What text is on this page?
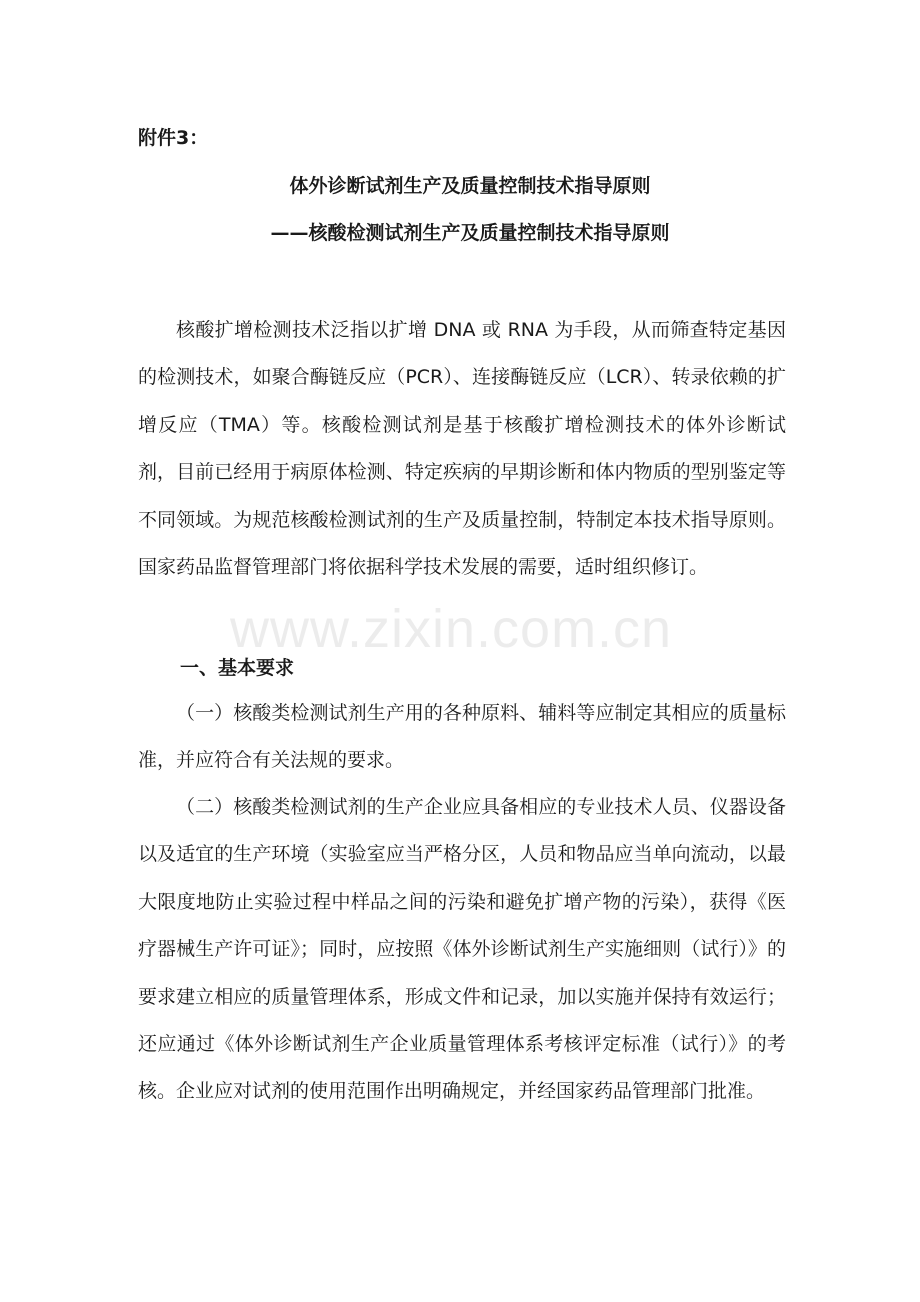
附件3：
体外诊断试剂生产及质量控制技术指导原则
——核酸检测试剂生产及质量控制技术指导原则

核酸扩增检测技术泛指以扩增 DNA 或 RNA 为手段，从而筛查特定基因的检测技术，如聚合酶链反应（PCR）、连接酶链反应（LCR）、转录依赖的扩增反应（TMA）等。核酸检测试剂是基于核酸扩增检测技术的体外诊断试剂，目前已经用于病原体检测、特定疾病的早期诊断和体内物质的型别鉴定等不同领域。为规范核酸检测试剂的生产及质量控制，特制定本技术指导原则。国家药品监督管理部门将依据科学技术发展的需要，适时组织修订。

www.zixin.com.cn
一、基本要求

（一）核酸类检测试剂生产用的各种原料、辅料等应制定其相应的质量标准，并应符合有关法规的要求。

（二）核酸类检测试剂的生产企业应具备相应的专业技术人员、仪器设备以及适宜的生产环境（实验室应当严格分区，人员和物品应当单向流动，以最大限度地防止实验过程中样品之间的污染和避免扩增产物的污染），获得《医疗器械生产许可证》；同时，应按照《体外诊断试剂生产实施细则（试行）》的要求建立相应的质量管理体系，形成文件和记录，加以实施并保持有效运行；还应通过《体外诊断试剂生产企业质量管理体系考核评定标准（试行）》的考核。企业应对试剂的使用范围作出明确规定，并经国家药品管理部门批准。
